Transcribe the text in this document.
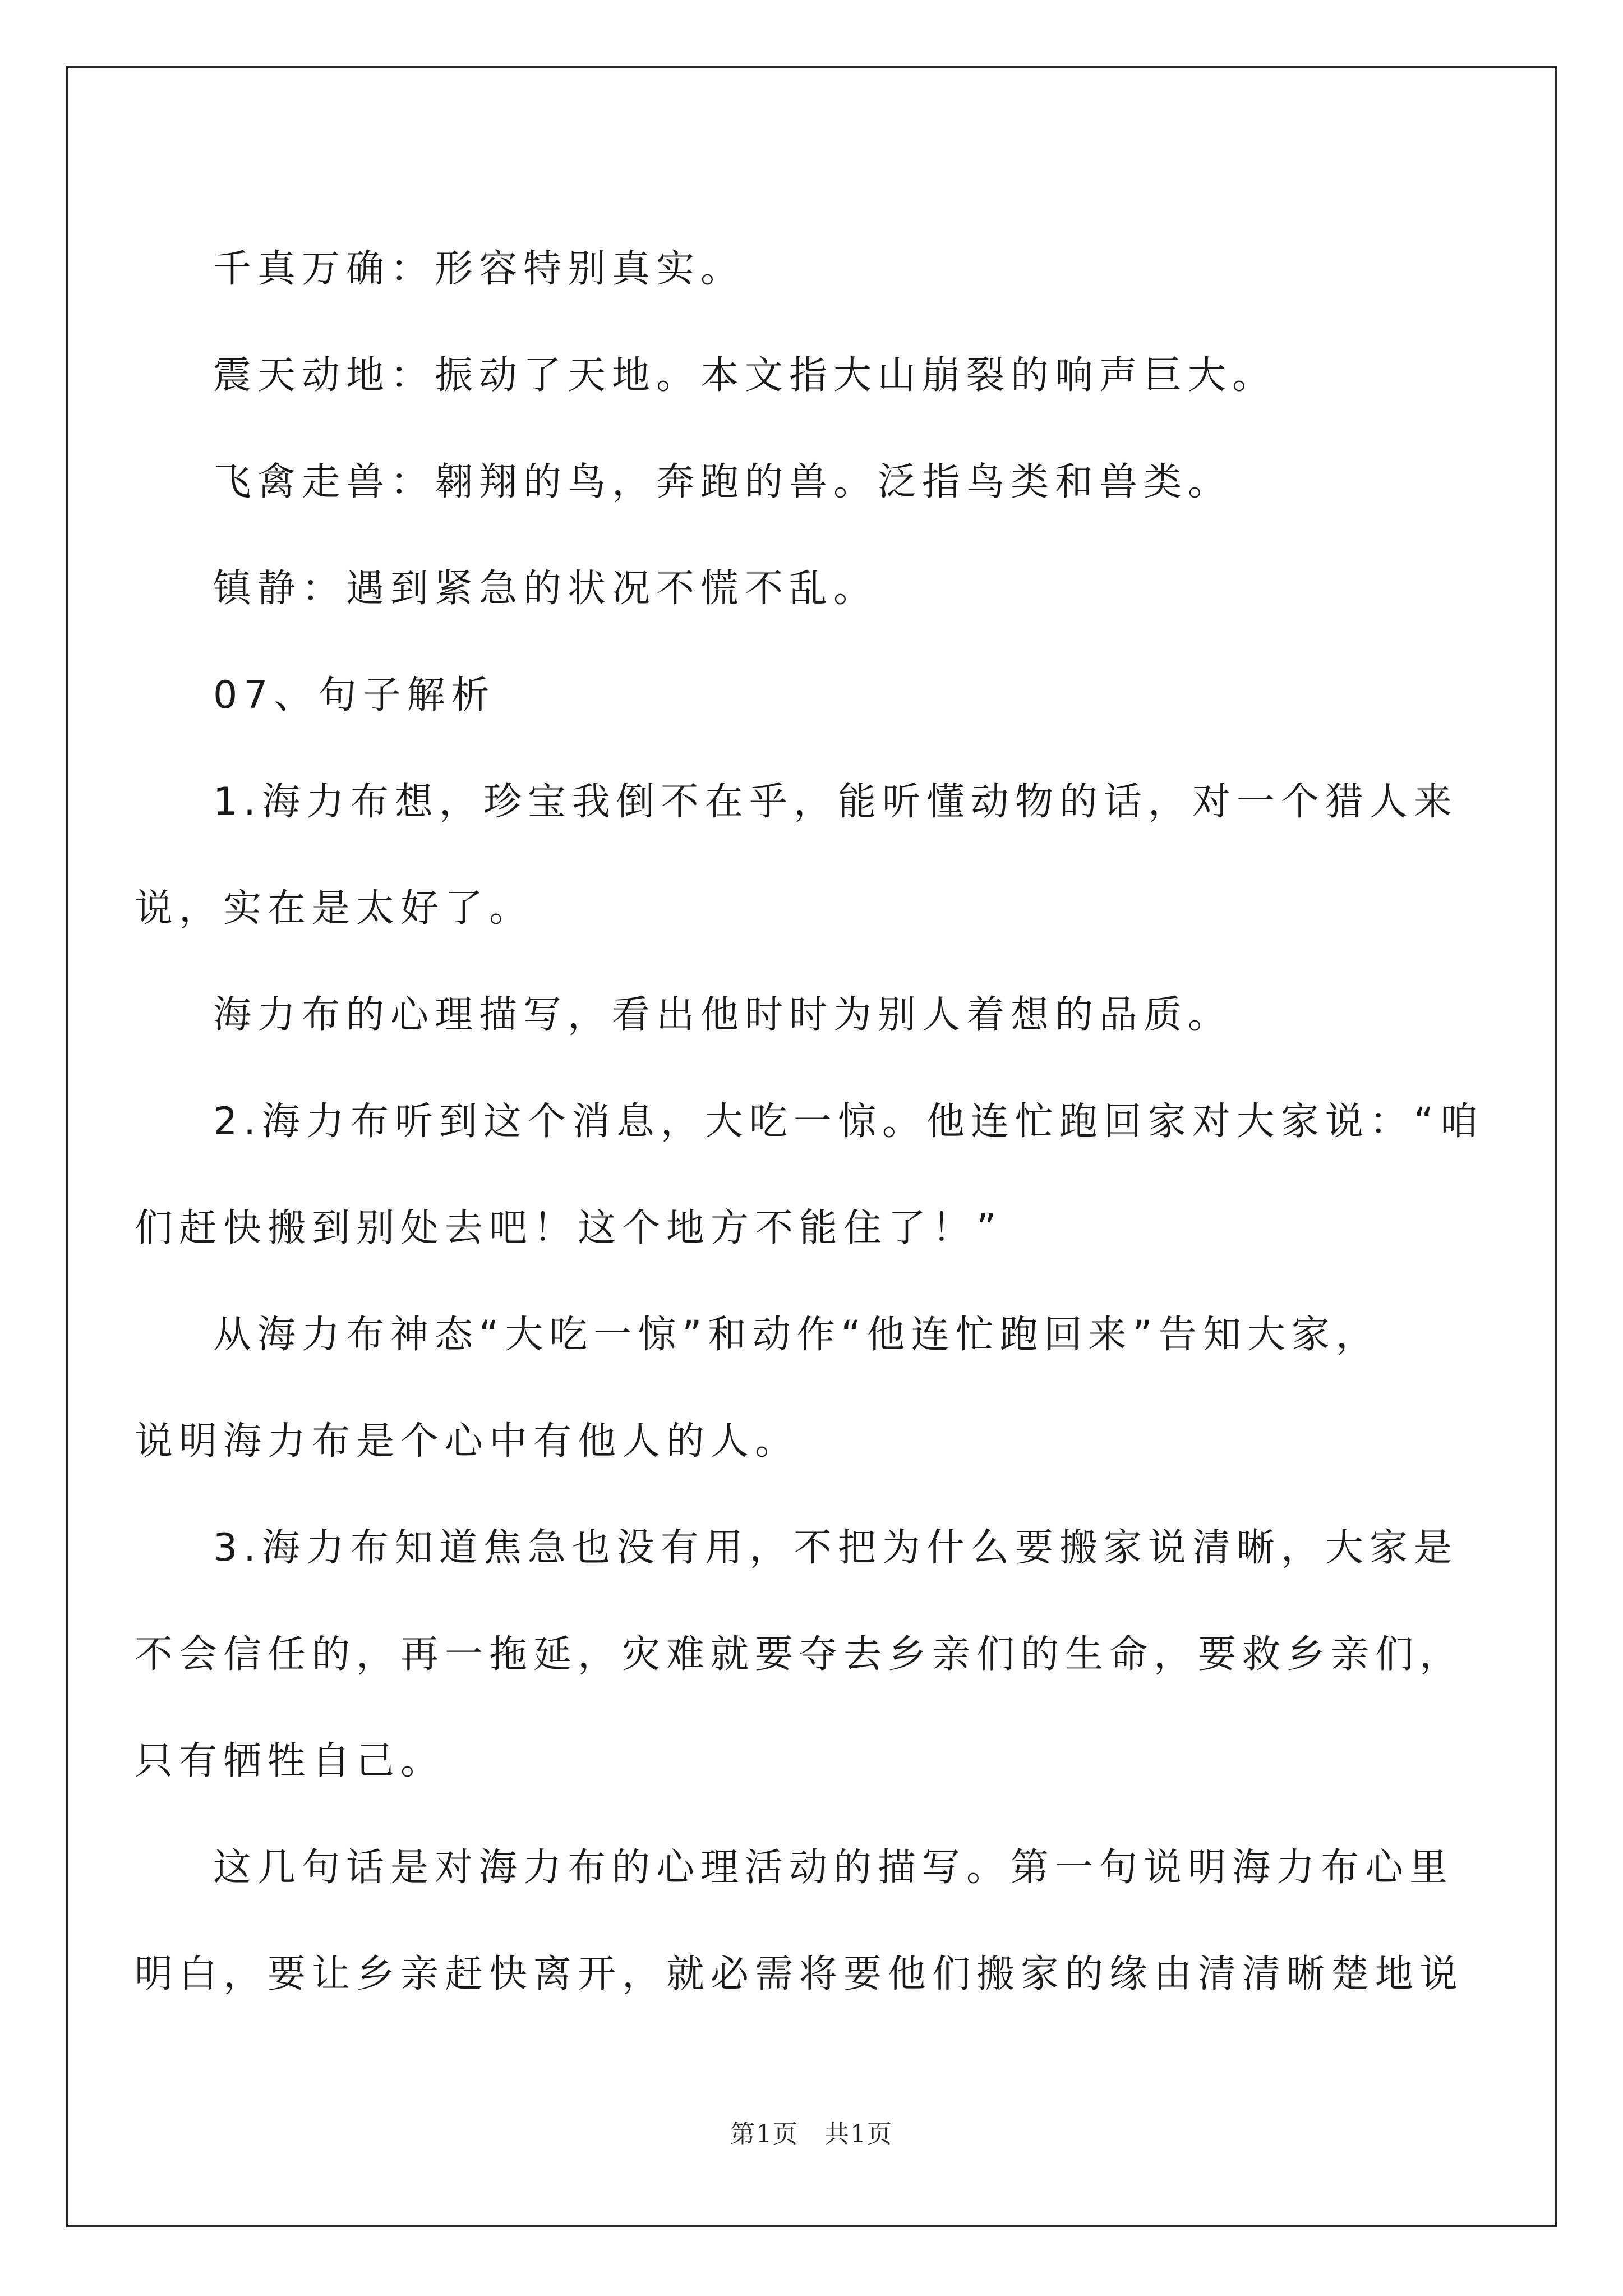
千真万确：形容特别真实。

震天动地：振动了天地。本文指大山崩裂的响声巨大。

飞禽走兽：翱翔的鸟，奔跑的兽。泛指鸟类和兽类。

镇静：遇到紧急的状况不慌不乱。

07、句子解析

1.海力布想，珍宝我倒不在乎，能听懂动物的话，对一个猎人来

说，实在是太好了。

海力布的心理描写，看出他时时为别人着想的品质。

2.海力布听到这个消息，大吃一惊。他连忙跑回家对大家说：“咱

们赶快搬到别处去吧！这个地方不能住了！”

从海力布神态“大吃一惊”和动作“他连忙跑回来”告知大家，

说明海力布是个心中有他人的人。

3.海力布知道焦急也没有用，不把为什么要搬家说清晰，大家是

不会信任的，再一拖延，灾难就要夺去乡亲们的生命，要救乡亲们，

只有牺牲自己。

这几句话是对海力布的心理活动的描写。第一句说明海力布心里

明白，要让乡亲赶快离开，就必需将要他们搬家的缘由清清晰楚地说

第1页 共1页
